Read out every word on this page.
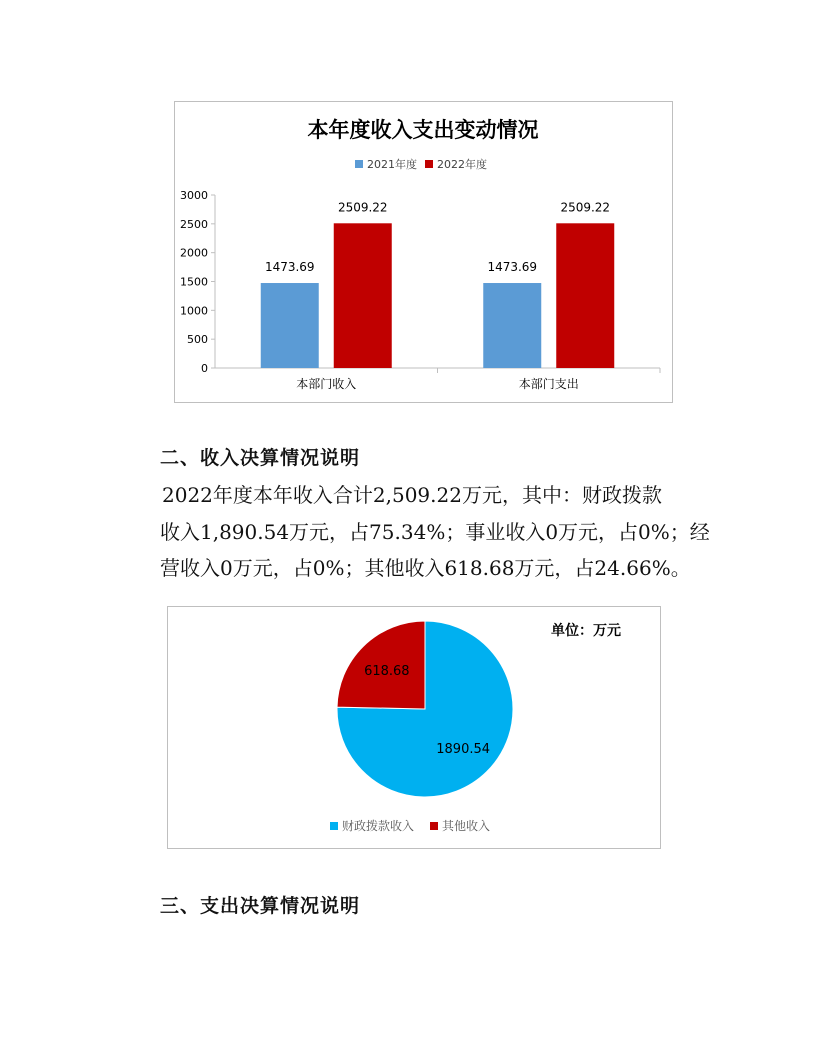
本年度收入支出变动情况
2021年度 2022年度
0
500
1000
1500
2000
2500
3000
本部门收入	本部门支出
1473.69
2509.22
1473.69
2509.22
二、收入决算情况说明
2022年度本年收入合计2,509.22万元，其中：财政拨款
收入1,890.54万元，占75.34%；事业收入0万元，占0%；经
营收入0万元，占0%；其他收入618.68万元，占24.66%。
单位：万元
1890.54
618.68
财政拨款收入 其他收入
三、支出决算情况说明
